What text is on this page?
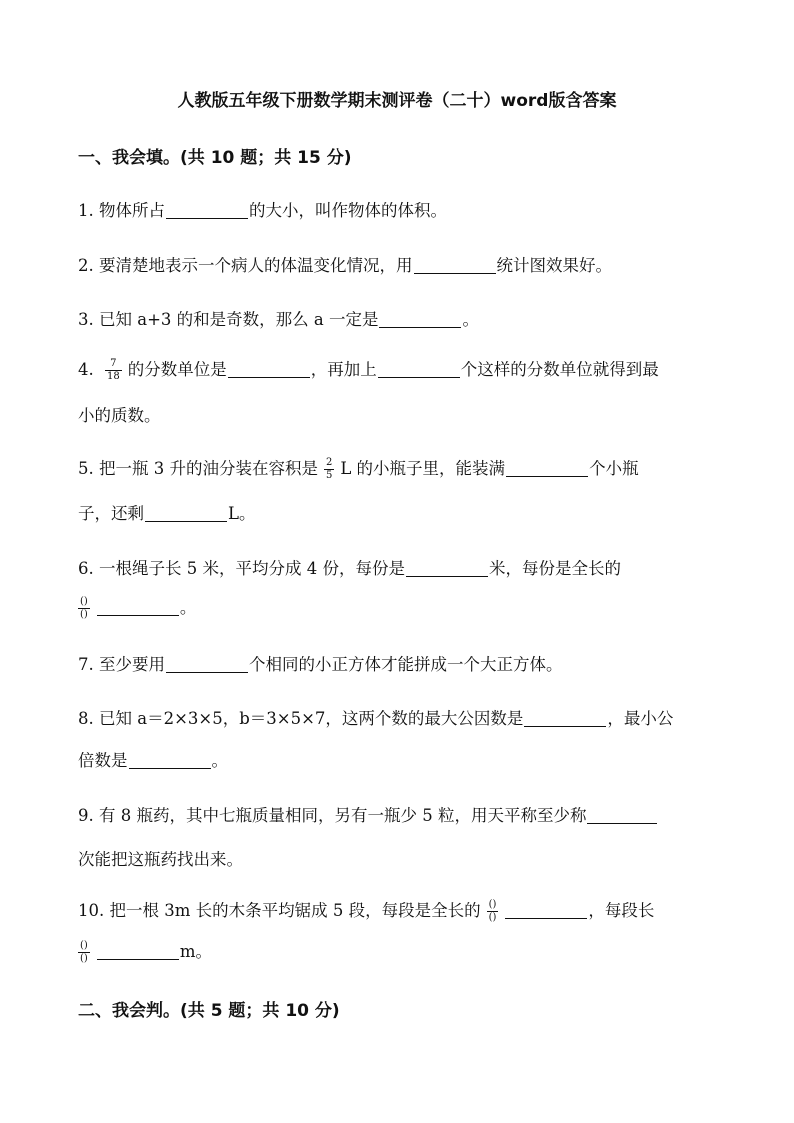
人教版五年级下册数学期末测评卷（二十）word版含答案
一、我会填。(共 10 题；共 15 分)
1. 物体所占	的大小，叫作物体的体积。
2. 要清楚地表示一个病人的体温变化情况，用	统计图效果好。
3. 已知 a+3 的和是奇数，那么 a 一定是	。
4. $\frac{7}{18}$ 的分数单位是	，再加上	个这样的分数单位就得到最
小的质数。
5. 把一瓶 3 升的油分装在容积是 $\frac{2}{5}$ L 的小瓶子里，能装满	个小瓶
子，还剩	L。
6. 一根绳子长 5 米，平均分成 4 份，每份是	米，每份是全长的
$\frac{()}{()}$	。
7. 至少要用	个相同的小正方体才能拼成一个大正方体。
8. 已知 a＝2×3×5，b＝3×5×7，这两个数的最大公因数是	，最小公
倍数是	。
9. 有 8 瓶药，其中七瓶质量相同，另有一瓶少 5 粒，用天平称至少称
次能把这瓶药找出来。
10. 把一根 3m 长的木条平均锯成 5 段，每段是全长的 $\frac{()}{()}$	，每段长
$\frac{()}{()}$	m。
二、我会判。(共 5 题；共 10 分)
